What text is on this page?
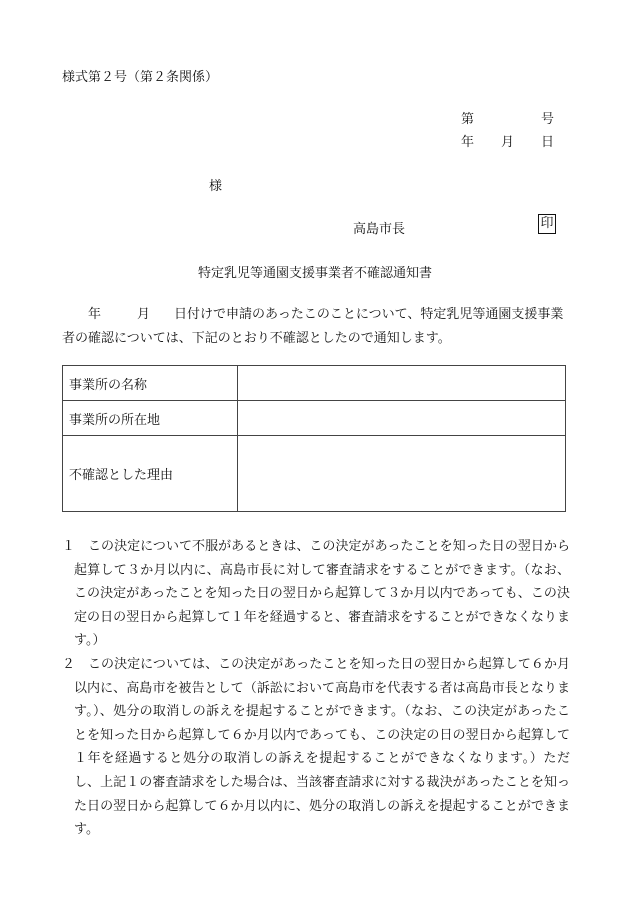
様式第２号（第２条関係）
第	号
年 月 日
様
高島市長	印
特定乳児等通園支援事業者不確認通知書
年	月 日付けで申請のあったこのことについて、特定乳児等通園支援事業者の確認については、下記のとおり不確認としたので通知します。
事業所の名称	
事業所の所在地	
不確認とした理由	
１ この決定について不服があるときは、この決定があったことを知った日の翌日から起算して３か月以内に、高島市長に対して審査請求をすることができます。（なお、この決定があったことを知った日の翌日から起算して３か月以内であっても、この決定の日の翌日から起算して１年を経過すると、審査請求をすることができなくなります。）
２ この決定については、この決定があったことを知った日の翌日から起算して６か月以内に、高島市を被告として（訴訟において高島市を代表する者は高島市長となります。）、処分の取消しの訴えを提起することができます。（なお、この決定があったことを知った日から起算して６か月以内であっても、この決定の日の翌日から起算して１年を経過すると処分の取消しの訴えを提起することができなくなります。）ただし、上記１の審査請求をした場合は、当該審査請求に対する裁決があったことを知った日の翌日から起算して６か月以内に、処分の取消しの訴えを提起することができます。
